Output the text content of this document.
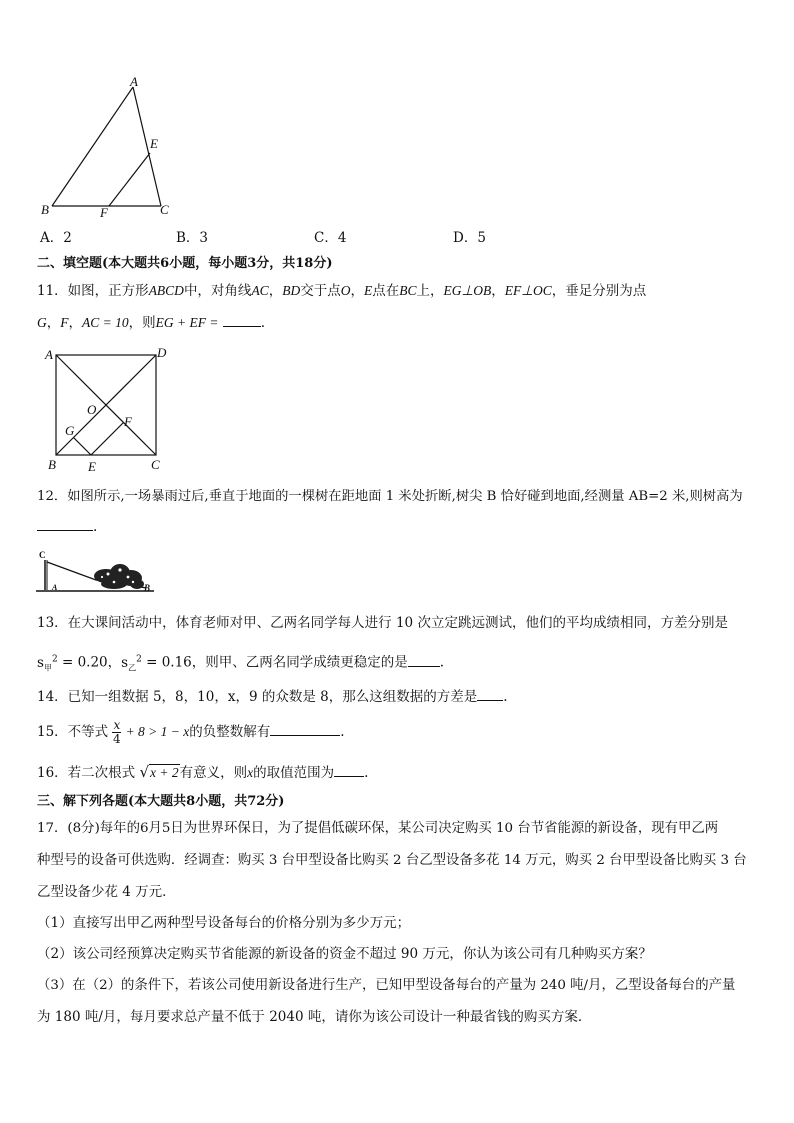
A
E
B	F	C
A．2	B．3	C．4	D．5
二、填空题(本大题共6小题，每小题3分，共18分)
11．如图，正方形ABCD中，对角线AC，BD交于点O，E点在BC上，EG⊥OB，EF⊥OC，垂足分别为点
G，F，AC = 10，则EG + EF =	.
A	D
O
G
F
B E	C
12．如图所示,一场暴雨过后,垂直于地面的一棵树在距地面 1 米处折断,树尖 B 恰好碰到地面,经测量 AB=2 米,则树高为
.
C
A	B
13．在大课间活动中，体育老师对甲、乙两名同学每人进行 10 次立定跳远测试，他们的平均成绩相同，方差分别是
$s_甲^2 = 0.20$，$s_乙^2 = 0.16$，则甲、乙两名同学成绩更稳定的是 .
14．已知一组数据 5，8，10，x，9 的众数是 8，那么这组数据的方差是 .
15．不等式 $\frac{x}{4} + 8 > 1 - x$的负整数解有	.
16．若二次根式 √x + 2有意义，则x的取值范围为 .
三、解下列各题(本大题共8小题，共72分)
17．(8分)每年的6月5日为世界环保日，为了提倡低碳环保，某公司决定购买 10 台节省能源的新设备，现有甲乙两
种型号的设备可供选购．经调查：购买 3 台甲型设备比购买 2 台乙型设备多花 14 万元，购买 2 台甲型设备比购买 3 台
乙型设备少花 4 万元．
（1）直接写出甲乙两种型号设备每台的价格分别为多少万元；
（2）该公司经预算决定购买节省能源的新设备的资金不超过 90 万元，你认为该公司有几种购买方案？
（3）在（2）的条件下，若该公司使用新设备进行生产，已知甲型设备每台的产量为 240 吨/月，乙型设备每台的产量
为 180 吨/月，每月要求总产量不低于 2040 吨，请你为该公司设计一种最省钱的购买方案．
